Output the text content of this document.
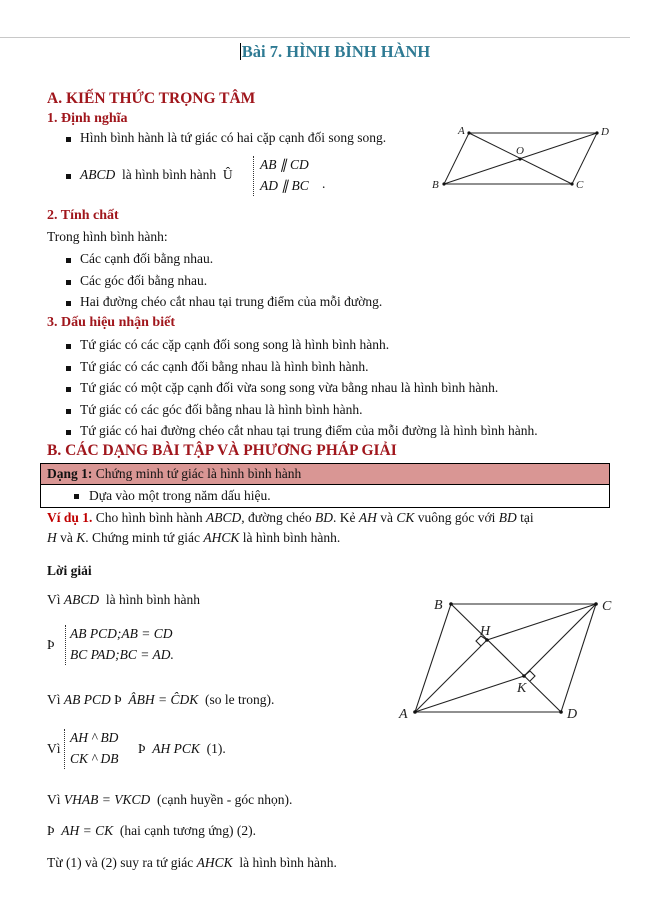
Bài 7. HÌNH BÌNH HÀNH
A. KIẾN THỨC TRỌNG TÂM
1. Định nghĩa
Hình bình hành là tứ giác có hai cặp cạnh đối song song.
ABCD là hình bình hành Û
AB ∥ CD
AD ∥ BC .
A	D
O
B	C
2. Tính chất
Trong hình bình hành:
Các cạnh đối bằng nhau.
Các góc đối bằng nhau.
Hai đường chéo cắt nhau tại trung điểm của mỗi đường.
3. Dấu hiệu nhận biết
Tứ giác có các cặp cạnh đối song song là hình bình hành.
Tứ giác có các cạnh đối bằng nhau là hình bình hành.
Tứ giác có một cặp cạnh đối vừa song song vừa bằng nhau là hình bình hành.
Tứ giác có các góc đối bằng nhau là hình bình hành.
Tứ giác có hai đường chéo cắt nhau tại trung điểm của mỗi đường là hình bình hành.
B. CÁC DẠNG BÀI TẬP VÀ PHƯƠNG PHÁP GIẢI
Dạng 1: Chứng minh tứ giác là hình bình hành
Dựa vào một trong năm dấu hiệu.
Ví dụ 1. Cho hình bình hành ABCD, đường chéo BD. Kẻ AH và CK vuông góc với BD tại
H và K. Chứng minh tứ giác AHCK là hình bình hành.
Lời giải
Vì ABCD là hình bình hành
Þ
AB PCD;AB = CD
BC PAD;BC = AD.
Vì AB PCD Þ ÂBH = ĈDK (so le trong).
Vì
AH ^ BD
CK ^ DB
Þ AH PCK (1).
Vì VHAB = VKCD (cạnh huyền - góc nhọn).
Þ AH = CK (hai cạnh tương ứng) (2).
Từ (1) và (2) suy ra tứ giác AHCK là hình bình hành.
B	C
H
K
A	D
